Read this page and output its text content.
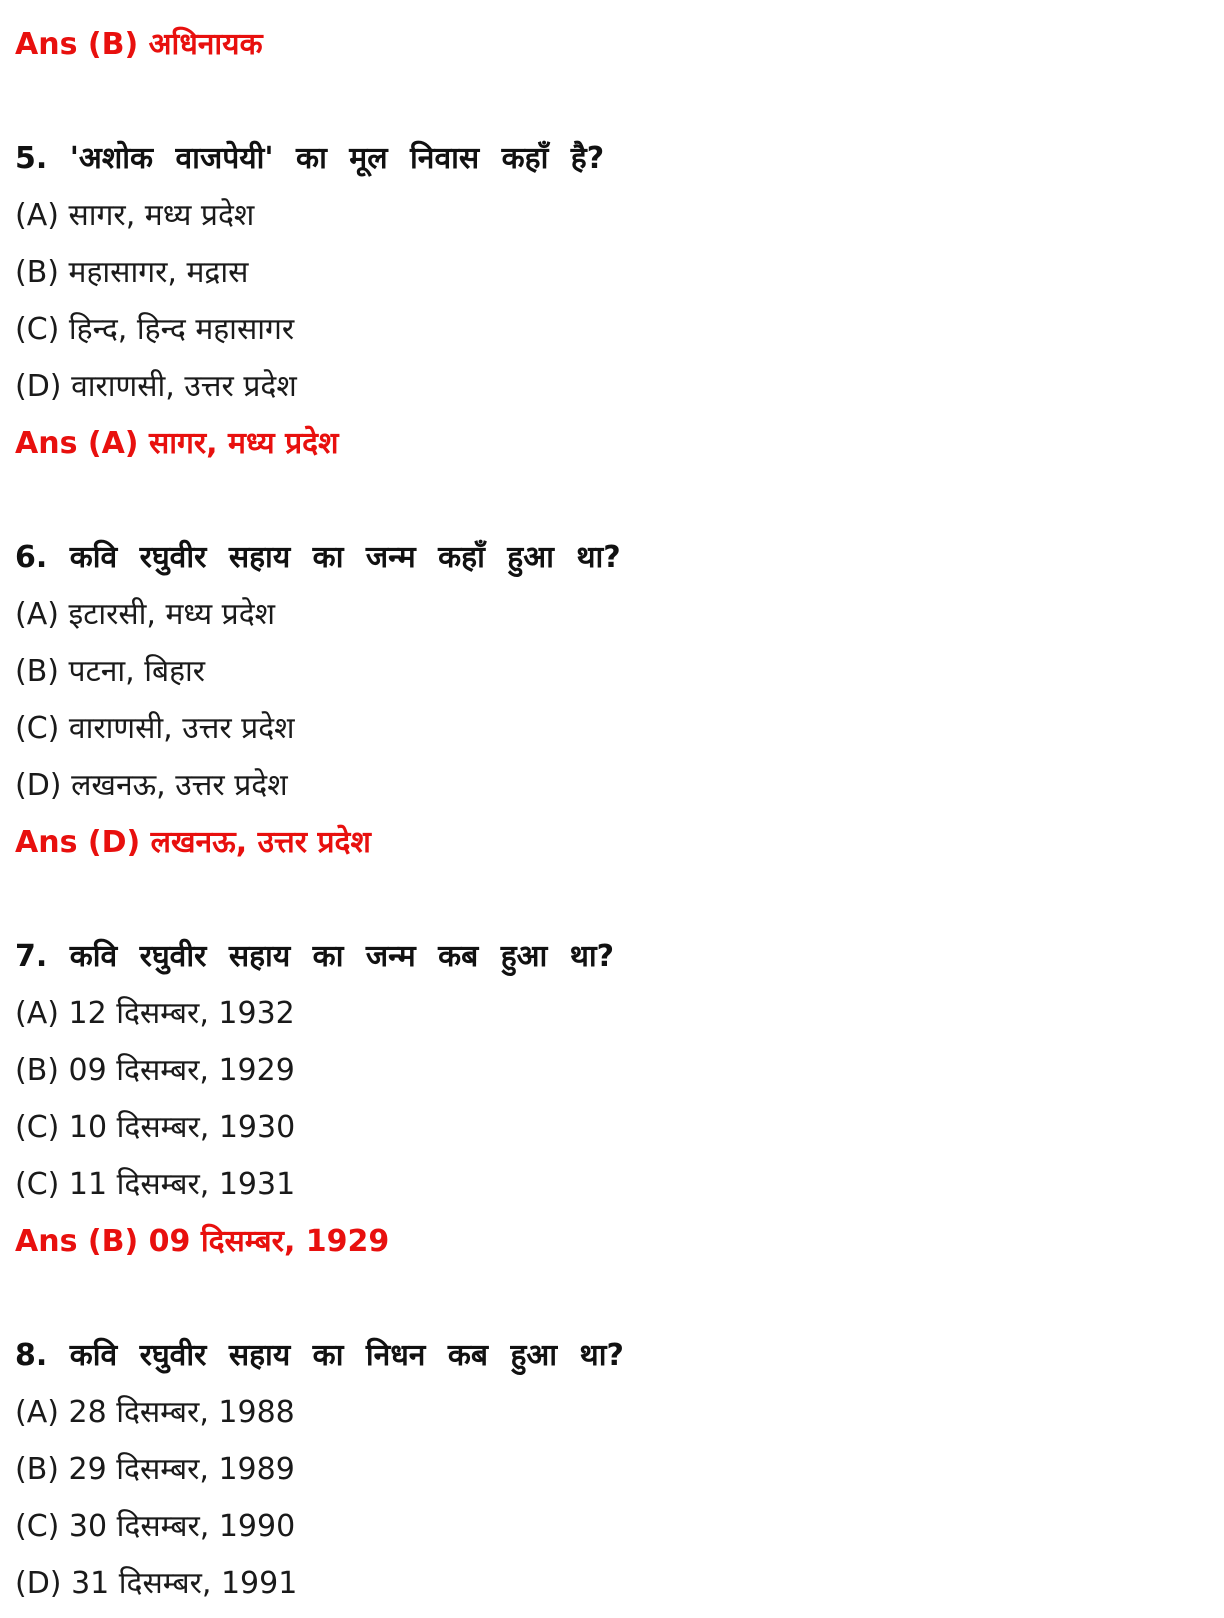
Ans (B) अधिनायक
5. 'अशोक वाजपेयी' का मूल निवास कहाँ है?
(A) सागर, मध्य प्रदेश
(B) महासागर, मद्रास
(C) हिन्द, हिन्द महासागर
(D) वाराणसी, उत्तर प्रदेश
Ans (A) सागर, मध्य प्रदेश
6. कवि रघुवीर सहाय का जन्म कहाँ हुआ था?
(A) इटारसी, मध्य प्रदेश
(B) पटना, बिहार
(C) वाराणसी, उत्तर प्रदेश
(D) लखनऊ, उत्तर प्रदेश
Ans (D) लखनऊ, उत्तर प्रदेश
7. कवि रघुवीर सहाय का जन्म कब हुआ था?
(A) 12 दिसम्बर, 1932
(B) 09 दिसम्बर, 1929
(C) 10 दिसम्बर, 1930
(C) 11 दिसम्बर, 1931
Ans (B) 09 दिसम्बर, 1929
8. कवि रघुवीर सहाय का निधन कब हुआ था?
(A) 28 दिसम्बर, 1988
(B) 29 दिसम्बर, 1989
(C) 30 दिसम्बर, 1990
(D) 31 दिसम्बर, 1991
